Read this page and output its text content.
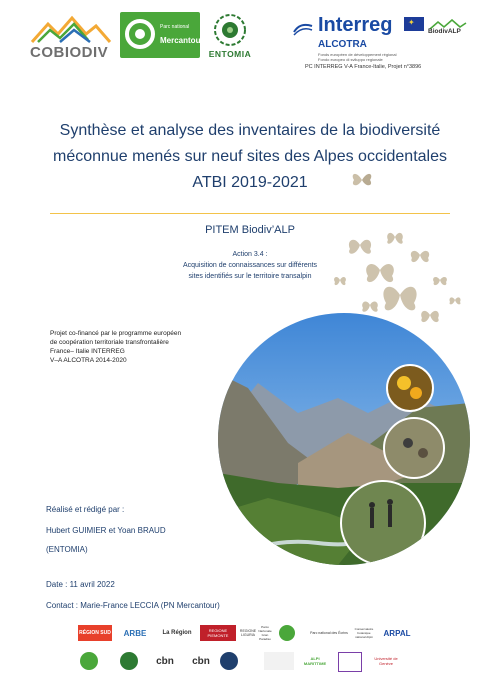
COBIODIV
Parc national
Mercantour
ENTOMIA
Interreg
ALCOTRA
Fonds européen de développement régional Fondo europeo di sviluppo regionale
✦
BiodivALP
PC INTERREG V-A France-Italie, Projet n°3896
Synthèse et analyse des inventaires de la biodiversité
méconnue menés sur neuf sites des Alpes occidentales
ATBI 2019-2021
PITEM Biodiv’ALP
Action 3.4 :
Acquisition de connaissances sur différents
sites identifiés sur le territoire transalpin
Projet co-financé par le programme européen
de coopération territoriale transfrontalière
France– Italie INTERREG
V–A ALCOTRA 2014-2020
Réalisé et rédigé par :
Hubert GUIMIER et Yoan BRAUD
(ENTOMIA)
Date : 11 avril 2022
Contact : Marie-France LECCIA (PN Mercantour)
RÉGION SUD	ARBE	La Région	REGIONE PIEMONTE
REGIONE LIGURIA
Parco Nazionale Gran Paradiso
Parc national des Écrins
Conservatoire botanique national Alpin	ARPAL
cbn	cbn	ALPI MARITTIME
Université de Genève
